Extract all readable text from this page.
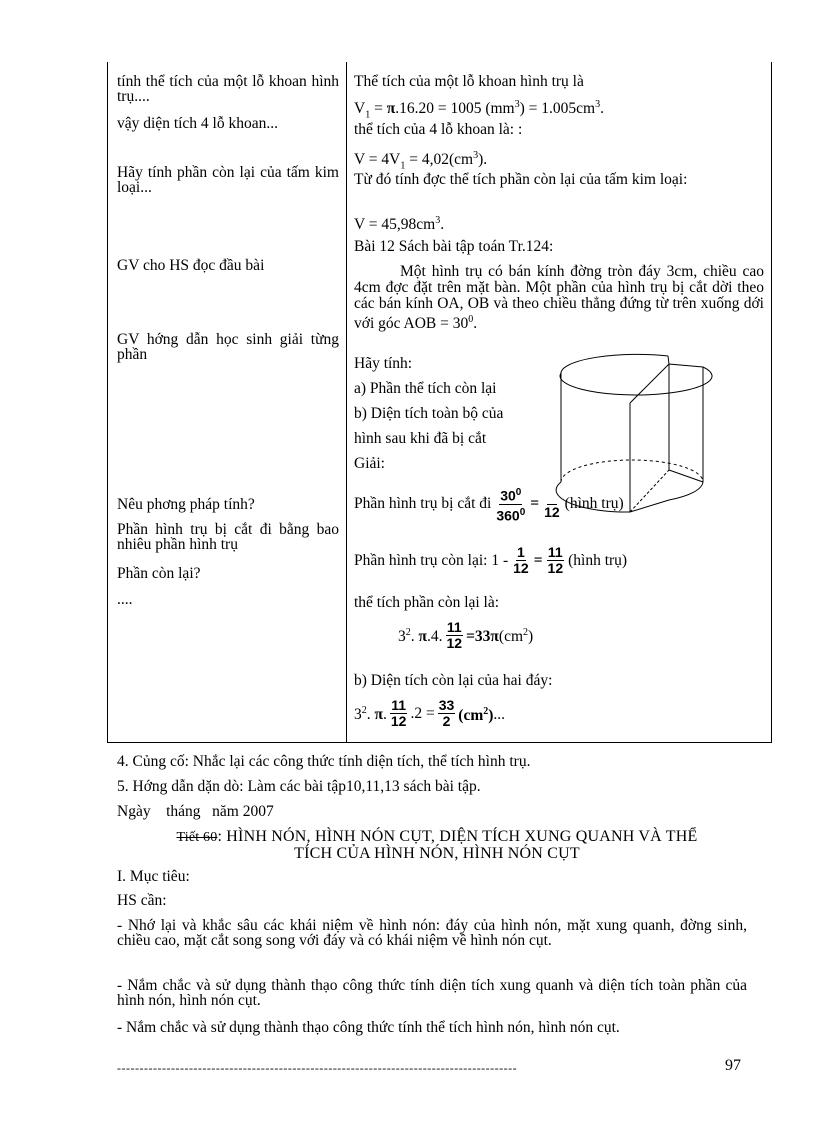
tính thể tích của một lỗ khoan hình trụ....
vậy diện tích 4 lỗ khoan...
Hãy tính phần còn lại của tấm kim loại...
GV cho HS đọc đầu bài
GV hớng dẫn học sinh giải từng phần
Nêu phơng pháp tính?
Phần hình trụ bị cắt đi bằng bao nhiêu phần hình trụ
Phần còn lại?
....
Thể tích của một lỗ khoan hình trụ là
$V_1 = \pi.16.20 = 1005$ $(mm^3) = 1.005cm^3$.
thể tích của 4 lỗ khoan là: :
$V = 4V_1 = 4,02(cm^3)$.
Từ đó tính đợc thể tích phần còn lại của tấm kim loại:
$V = 45,98cm^3$.
Bài 12 Sách bài tập toán Tr.124:
Một hình trụ có bán kính đờng tròn đáy 3cm, chiều cao 4cm đợc đặt trên mặt bàn. Một phần của hình trụ bị cắt dời theo các bán kính OA, OB và theo chiều thẳng đứng từ trên xuống dới với góc AOB = $30^0$.
Hãy tính:
a) Phần thể tích còn lại
b) Diện tích toàn bộ của
hình sau khi đã bị cắt
Giải:
Phần hình trụ bị cắt đi $\frac{30^0}{360^0} = \frac{1}{12}$ (hình trụ)
Phần hình trụ còn lại: $1 - \frac{1}{12} = \frac{11}{12}$ (hình trụ)
thể tích phần còn lại là:
$3^2$. π.4. $\frac{11}{12} =33\pi(cm^2)$
b) Diện tích còn lại của hai đáy:
$3^2$. π. $\frac{11}{12} .2 = \frac{33}{2} (cm^2)$...
4. Củng cố: Nhắc lại các công thức tính diện tích, thể tích hình trụ.
5. Hớng dẫn dặn dò: Làm các bài tập10,11,13 sách bài tập.
Ngày    tháng   năm 2007
Tiết 60: HÌNH NÓN, HÌNH NÓN CỤT, DIỆN TÍCH XUNG QUANH VÀ THỂ
TÍCH CỦA HÌNH NÓN, HÌNH NÓN CỤT
I. Mục tiêu:
HS cần:
- Nhớ lại và khắc sâu các khái niệm về hình nón: đáy của hình nón, mặt xung quanh, đờng sinh, chiều cao, mặt cắt song song với đáy và có khái niệm về hình nón cụt.
- Nắm chắc và sử dụng thành thạo công thức tính diện tích xung quanh và diện tích toàn phần của hình nón, hình nón cụt.
- Nắm chắc và sử dụng thành thạo công thức tính thể tích hình nón, hình nón cụt.
-----------------------------------------------------------------------------------------	97
